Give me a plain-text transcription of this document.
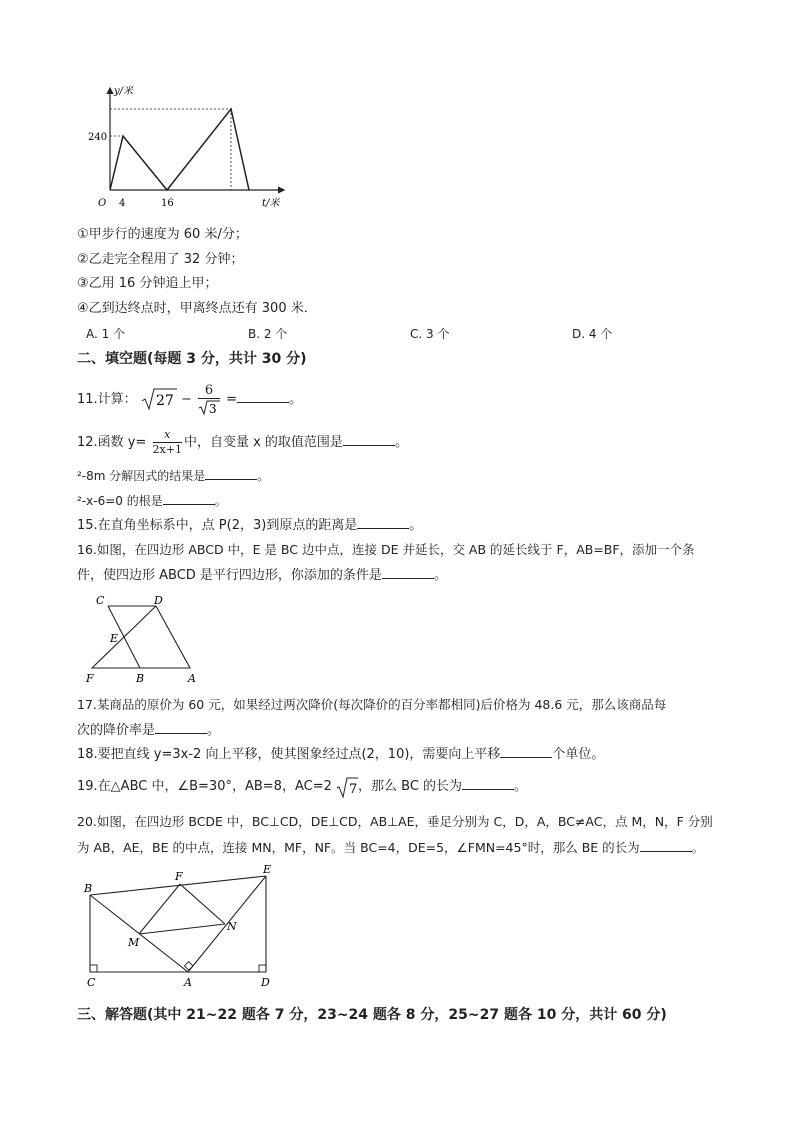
y/米
240
O 4	16	t/米
①甲步行的速度为 60 米/分；
②乙走完全程用了 32 分钟；
③乙用 16 分钟追上甲；
④乙到达终点时，甲离终点还有 300 米．
A. 1 个	B. 2 个	C. 3 个	D. 4 个
二、填空题(每题 3 分，共计 30 分)
11.计算： $27 - \frac{6}{3}$ =	。
12.函数 $y= \frac{x}{2x+1}$ 中，自变量 x 的取值范围是	。
²-8m 分解因式的结果是	。
²-x-6=0 的根是	。
15.在直角坐标系中，点 P(2，3)到原点的距离是	。
16.如图，在四边形 ABCD 中，E 是 BC 边中点，连接 DE 并延长，交 AB 的延长线于 F，AB=BF，添加一个条
件，使四边形 ABCD 是平行四边形，你添加的条件是	。
C	D
E
F	B	A
17.某商品的原价为 60 元，如果经过两次降价(每次降价的百分率都相同)后价格为 48.6 元，那么该商品每
次的降价率是	。
18.要把直线 y=3x-2 向上平移，使其图象经过点(2，10)，需要向上平移	个单位。
19.在△ABC 中，∠B=30°，AB=8，AC=2 7 ，那么 BC 的长为	。
20.如图，在四边形 BCDE 中，BC⊥CD，DE⊥CD，AB⊥AE，垂足分别为 C，D，A，BC≠AC，点 M，N，F 分别
为 AB，AE，BE 的中点，连接 MN，MF，NF。当 BC=4，DE=5，∠FMN=45°时，那么 BE 的长为	。
B
F
E
M
N
C	A	D
三、解答题(其中 21~22 题各 7 分，23~24 题各 8 分，25~27 题各 10 分，共计 60 分)
